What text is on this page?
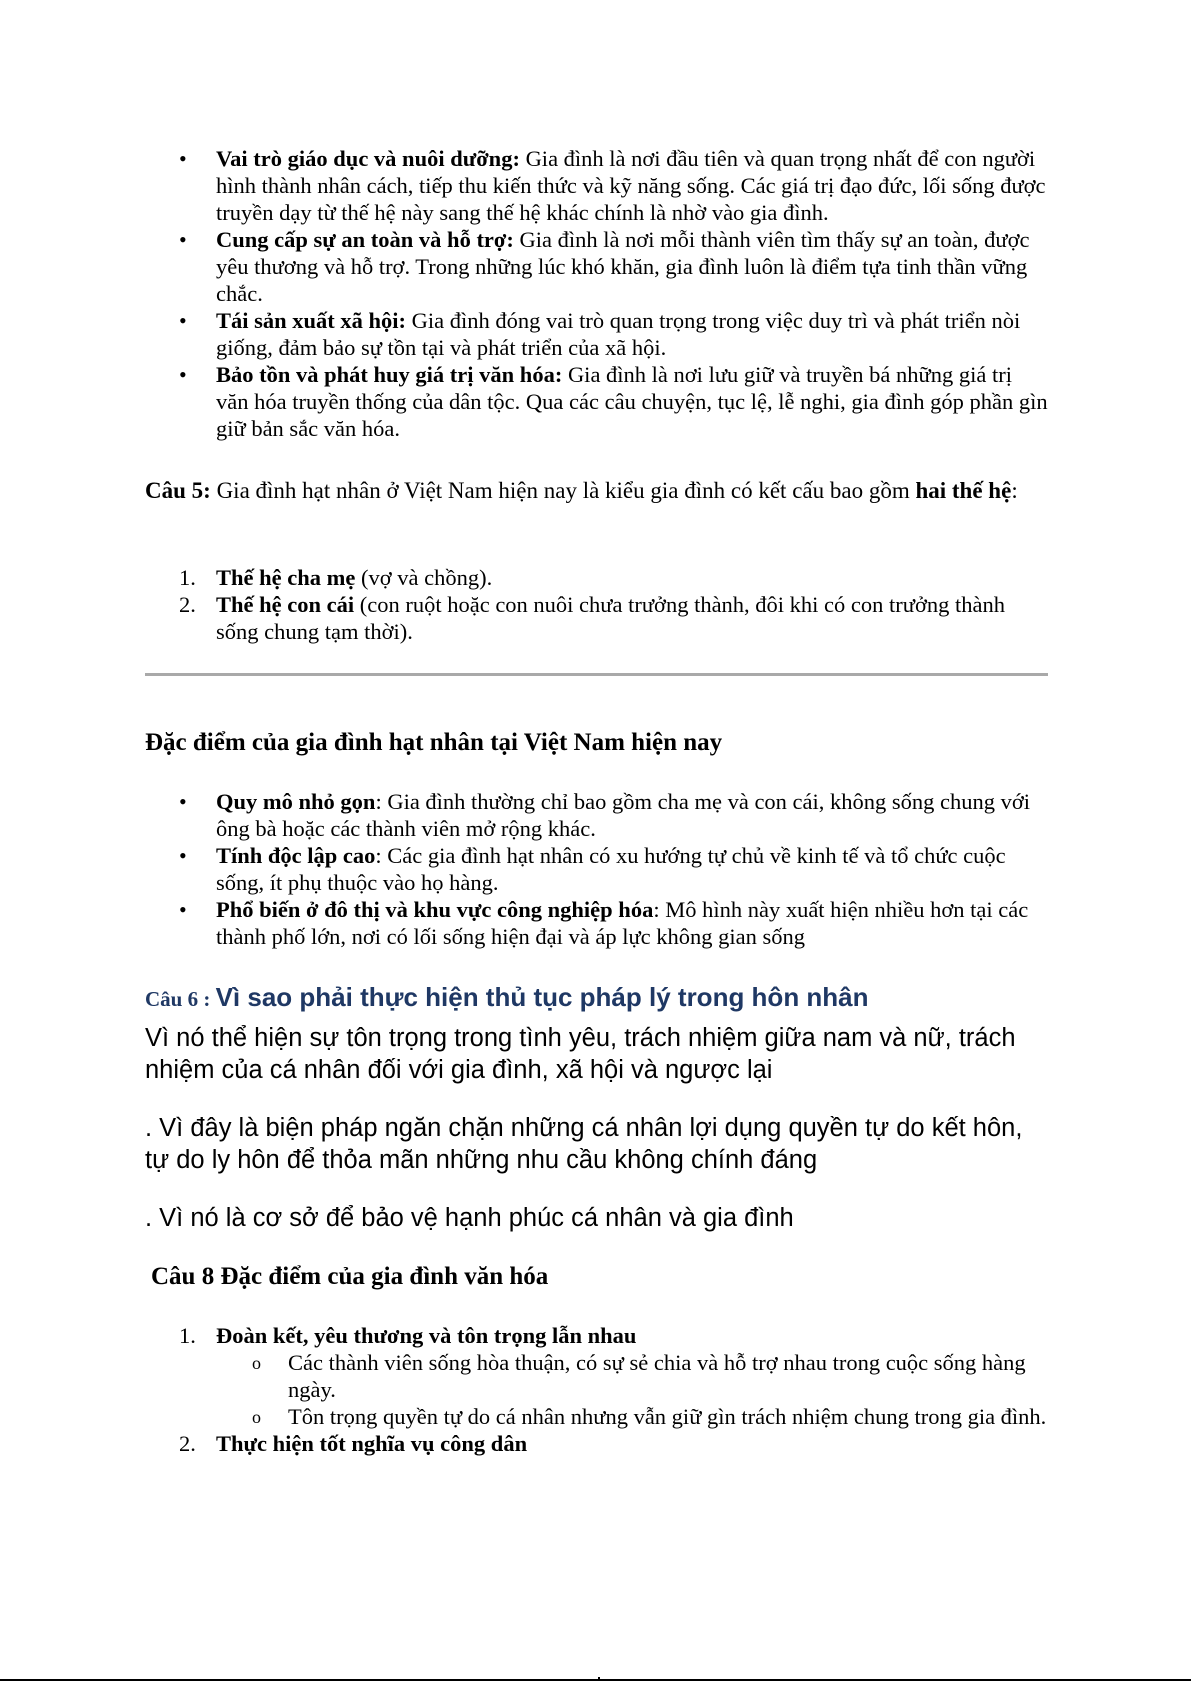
• Vai trò giáo dục và nuôi dưỡng: Gia đình là nơi đầu tiên và quan trọng nhất để con người hình thành nhân cách, tiếp thu kiến thức và kỹ năng sống. Các giá trị đạo đức, lối sống được truyền dạy từ thế hệ này sang thế hệ khác chính là nhờ vào gia đình.
• Cung cấp sự an toàn và hỗ trợ: Gia đình là nơi mỗi thành viên tìm thấy sự an toàn, được yêu thương và hỗ trợ. Trong những lúc khó khăn, gia đình luôn là điểm tựa tinh thần vững chắc.
• Tái sản xuất xã hội: Gia đình đóng vai trò quan trọng trong việc duy trì và phát triển nòi giống, đảm bảo sự tồn tại và phát triển của xã hội.
• Bảo tồn và phát huy giá trị văn hóa: Gia đình là nơi lưu giữ và truyền bá những giá trị văn hóa truyền thống của dân tộc. Qua các câu chuyện, tục lệ, lễ nghi, gia đình góp phần gìn giữ bản sắc văn hóa.

Câu 5: Gia đình hạt nhân ở Việt Nam hiện nay là kiểu gia đình có kết cấu bao gồm hai thế hệ:

1. Thế hệ cha mẹ (vợ và chồng).
2. Thế hệ con cái (con ruột hoặc con nuôi chưa trưởng thành, đôi khi có con trưởng thành sống chung tạm thời).
Đặc điểm của gia đình hạt nhân tại Việt Nam hiện nay
• Quy mô nhỏ gọn: Gia đình thường chỉ bao gồm cha mẹ và con cái, không sống chung với ông bà hoặc các thành viên mở rộng khác.
• Tính độc lập cao: Các gia đình hạt nhân có xu hướng tự chủ về kinh tế và tổ chức cuộc sống, ít phụ thuộc vào họ hàng.
• Phổ biến ở đô thị và khu vực công nghiệp hóa: Mô hình này xuất hiện nhiều hơn tại các thành phố lớn, nơi có lối sống hiện đại và áp lực không gian sống
Câu 6 : Vì sao phải thực hiện thủ tục pháp lý trong hôn nhân

Vì nó thể hiện sự tôn trọng trong tình yêu, trách nhiệm giữa nam và nữ, trách nhiệm của cá nhân đối với gia đình, xã hội và ngược lại

. Vì đây là biện pháp ngăn chặn những cá nhân lợi dụng quyền tự do kết hôn, tự do ly hôn để thỏa mãn những nhu cầu không chính đáng

. Vì nó là cơ sở để bảo vệ hạnh phúc cá nhân và gia đình

Câu 8 Đặc điểm của gia đình văn hóa
1. Đoàn kết, yêu thương và tôn trọng lẫn nhau
o Các thành viên sống hòa thuận, có sự sẻ chia và hỗ trợ nhau trong cuộc sống hàng ngày.
o Tôn trọng quyền tự do cá nhân nhưng vẫn giữ gìn trách nhiệm chung trong gia đình.
2. Thực hiện tốt nghĩa vụ công dân
